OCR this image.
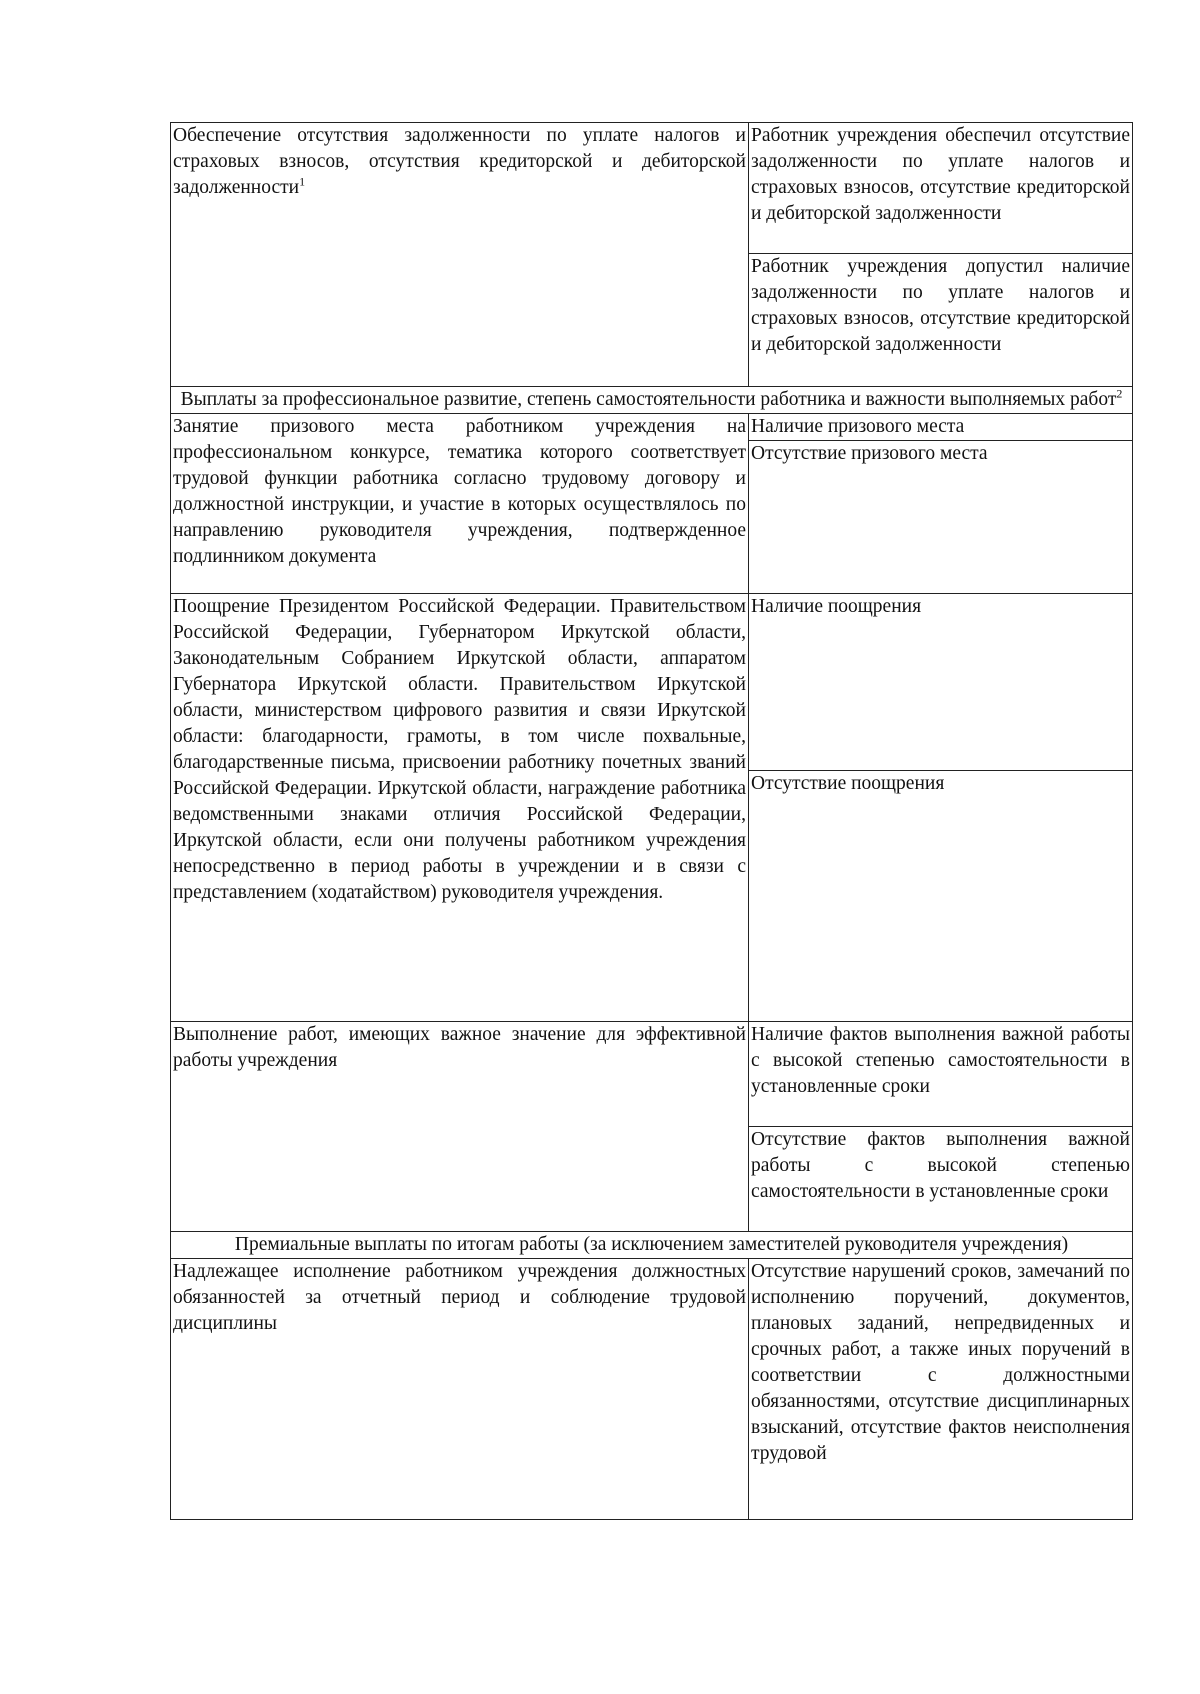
Обеспечение отсутствия задолженности по уплате налогов и страховых взносов, отсутствия кредиторской и дебиторской задолженности$^1$	Работник учреждения обеспечил отсутствие задолженности по уплате налогов и страховых взносов, отсутствие кредиторской и дебиторской задолженности

	Работник учреждения допустил наличие задолженности по уплате налогов и страховых взносов, отсутствие кредиторской и дебиторской задолженности

Выплаты за профессиональное развитие, степень самостоятельности работника и важности выполняемых работ$^2$
Занятие призового места работником учреждения на профессиональном конкурсе, тематика которого соответствует трудовой функции работника согласно трудовому договору и должностной инструкции, и участие в которых осуществлялось по направлению руководителя учреждения, подтвержденное подлинником документа	Наличие призового места
	Отсутствие призового места
Поощрение Президентом Российской Федерации. Правительством Российской Федерации, Губернатором Иркутской области, Законодательным Собранием Иркутской области, аппаратом Губернатора Иркутской области. Правительством Иркутской области, министерством цифрового развития и связи Иркутской области: благодарности, грамоты, в том числе похвальные, благодарственные письма, присвоении работнику почетных званий Российской Федерации. Иркутской области, награждение работника ведомственными знаками отличия Российской Федерации, Иркутской области, если они получены работником учреждения непосредственно в период работы в учреждении и в связи с представлением (ходатайством) руководителя учреждения.	Наличие поощрения
	Отсутствие поощрения
Выполнение работ, имеющих важное значение для эффективной работы учреждения	Наличие фактов выполнения важной работы с высокой степенью самостоятельности в установленные сроки

	Отсутствие фактов выполнения важной работы с высокой степенью самостоятельности в установленные сроки

Премиальные выплаты по итогам работы (за исключением заместителей руководителя учреждения)	
Надлежащее исполнение работником учреждения должностных обязанностей за отчетный период и соблюдение трудовой дисциплины	Отсутствие нарушений сроков, замечаний по исполнению поручений, документов, плановых заданий, непредвиденных и срочных работ, а также иных поручений в соответствии с должностными обязанностями, отсутствие дисциплинарных взысканий, отсутствие фактов неисполнения трудовой
